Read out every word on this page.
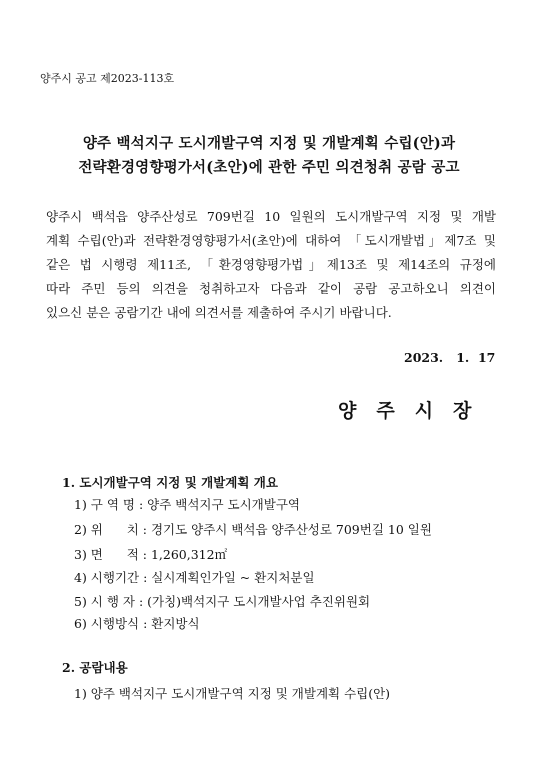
양주시 공고 제2023-113호
양주 백석지구 도시개발구역 지정 및 개발계획 수립(안)과
전략환경영향평가서(초안)에 관한 주민 의견청취 공람 공고
양주시 백석읍 양주산성로 709번길 10 일원의 도시개발구역 지정 및 개발
계획 수립(안)과 전략환경영향평가서(초안)에 대하여 「도시개발법」제7조 및
같은 법 시행령 제11조, 「환경영향평가법」제13조 및 제14조의 규정에
따라 주민 등의 의견을 청취하고자 다음과 같이 공람 공고하오니 의견이
있으신 분은 공람기간 내에 의견서를 제출하여 주시기 바랍니다.
2023.   1.  17
양주시장
1. 도시개발구역 지정 및 개발계획 개요
1) 구 역 명 : 양주 백석지구 도시개발구역
2) 위      치 : 경기도 양주시 백석읍 양주산성로 709번길 10 일원
3) 면      적 : 1,260,312㎡
4) 시행기간 : 실시계획인가일 ~ 환지처분일
5) 시 행 자 : (가칭)백석지구 도시개발사업 추진위원회
6) 시행방식 : 환지방식
2. 공람내용
1) 양주 백석지구 도시개발구역 지정 및 개발계획 수립(안)
